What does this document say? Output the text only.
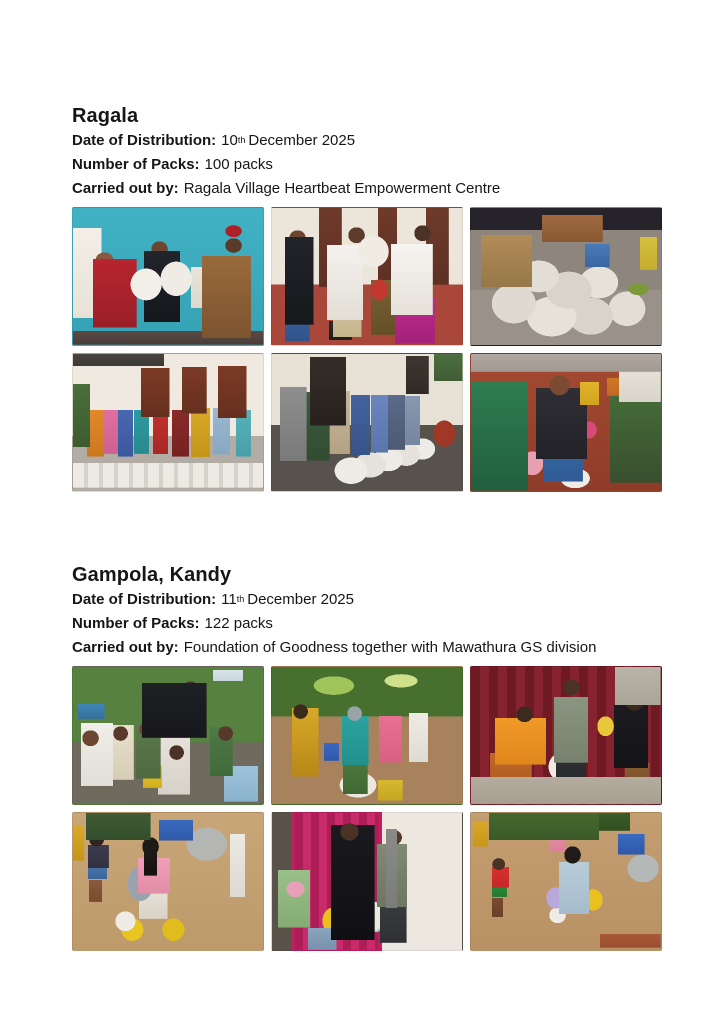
Ragala

Date of Distribution: 10th December 2025

Number of Packs: 100 packs

Carried out by: Ragala Village Heartbeat Empowerment Centre

Gampola, Kandy

Date of Distribution: 11th December 2025

Number of Packs: 122 packs

Carried out by: Foundation of Goodness together with Mawathura GS division
